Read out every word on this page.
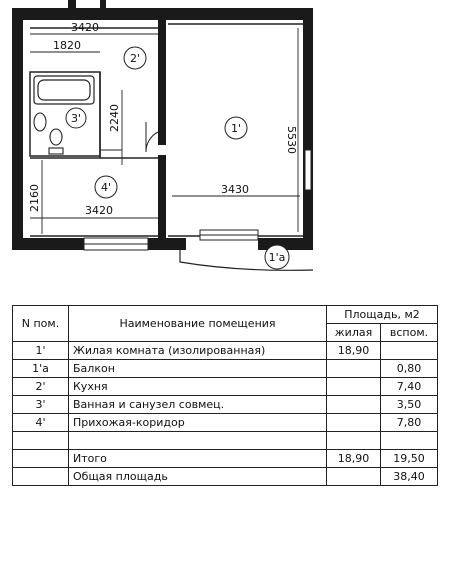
3420
1820
2240
5530
3430
2160	3420
2'
3'
1'
4'
1'a
N пом.	Наименование помещения	Площадь, м2	
		жилая	вспом.
1'	Жилая комната (изолированная)	18,90	
1'a	Балкон		0,80
2'	Кухня		7,40
3'	Ванная и санузел совмец.		3,50
4'	Прихожая-коридор		7,80

	Итого	18,90	19,50
	Общая площадь		38,40
